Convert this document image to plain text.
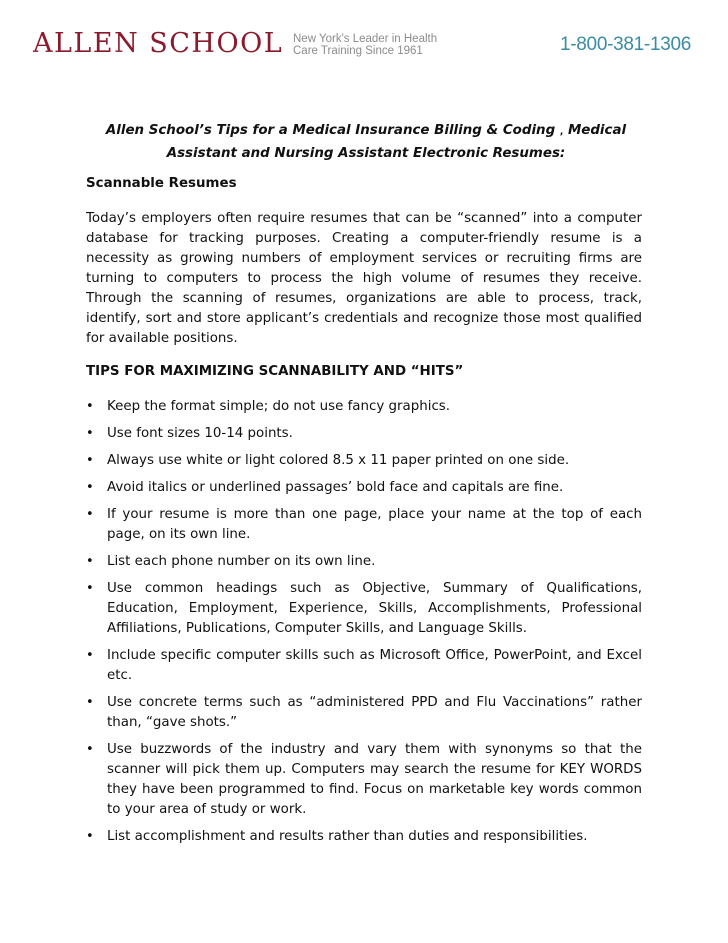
ALLEN SCHOOL New York's Leader in Health
Care Training Since 1961	1-800-381-1306
Allen School’s Tips for a Medical Insurance Billing & Coding , Medical Assistant and Nursing Assistant Electronic Resumes:
Scannable Resumes

Today’s employers often require resumes that can be “scanned” into a computer database for tracking purposes. Creating a computer-friendly resume is a necessity as growing numbers of employment services or recruiting firms are turning to computers to process the high volume of resumes they receive. Through the scanning of resumes, organizations are able to process, track, identify, sort and store applicant’s credentials and recognize those most qualified for available positions.

TIPS FOR MAXIMIZING SCANNABILITY AND “HITS”
• Keep the format simple; do not use fancy graphics.
• Use font sizes 10-14 points.
• Always use white or light colored 8.5 x 11 paper printed on one side.
• Avoid italics or underlined passages’ bold face and capitals are fine.
• If your resume is more than one page, place your name at the top of each page, on its own line.
• List each phone number on its own line.
• Use common headings such as Objective, Summary of Qualifications, Education, Employment, Experience, Skills, Accomplishments, Professional Affiliations, Publications, Computer Skills, and Language Skills.
• Include specific computer skills such as Microsoft Office, PowerPoint, and Excel etc.
• Use concrete terms such as “administered PPD and Flu Vaccinations” rather than, “gave shots.”
• Use buzzwords of the industry and vary them with synonyms so that the scanner will pick them up. Computers may search the resume for KEY WORDS they have been programmed to find. Focus on marketable key words common to your area of study or work.
• List accomplishment and results rather than duties and responsibilities.
